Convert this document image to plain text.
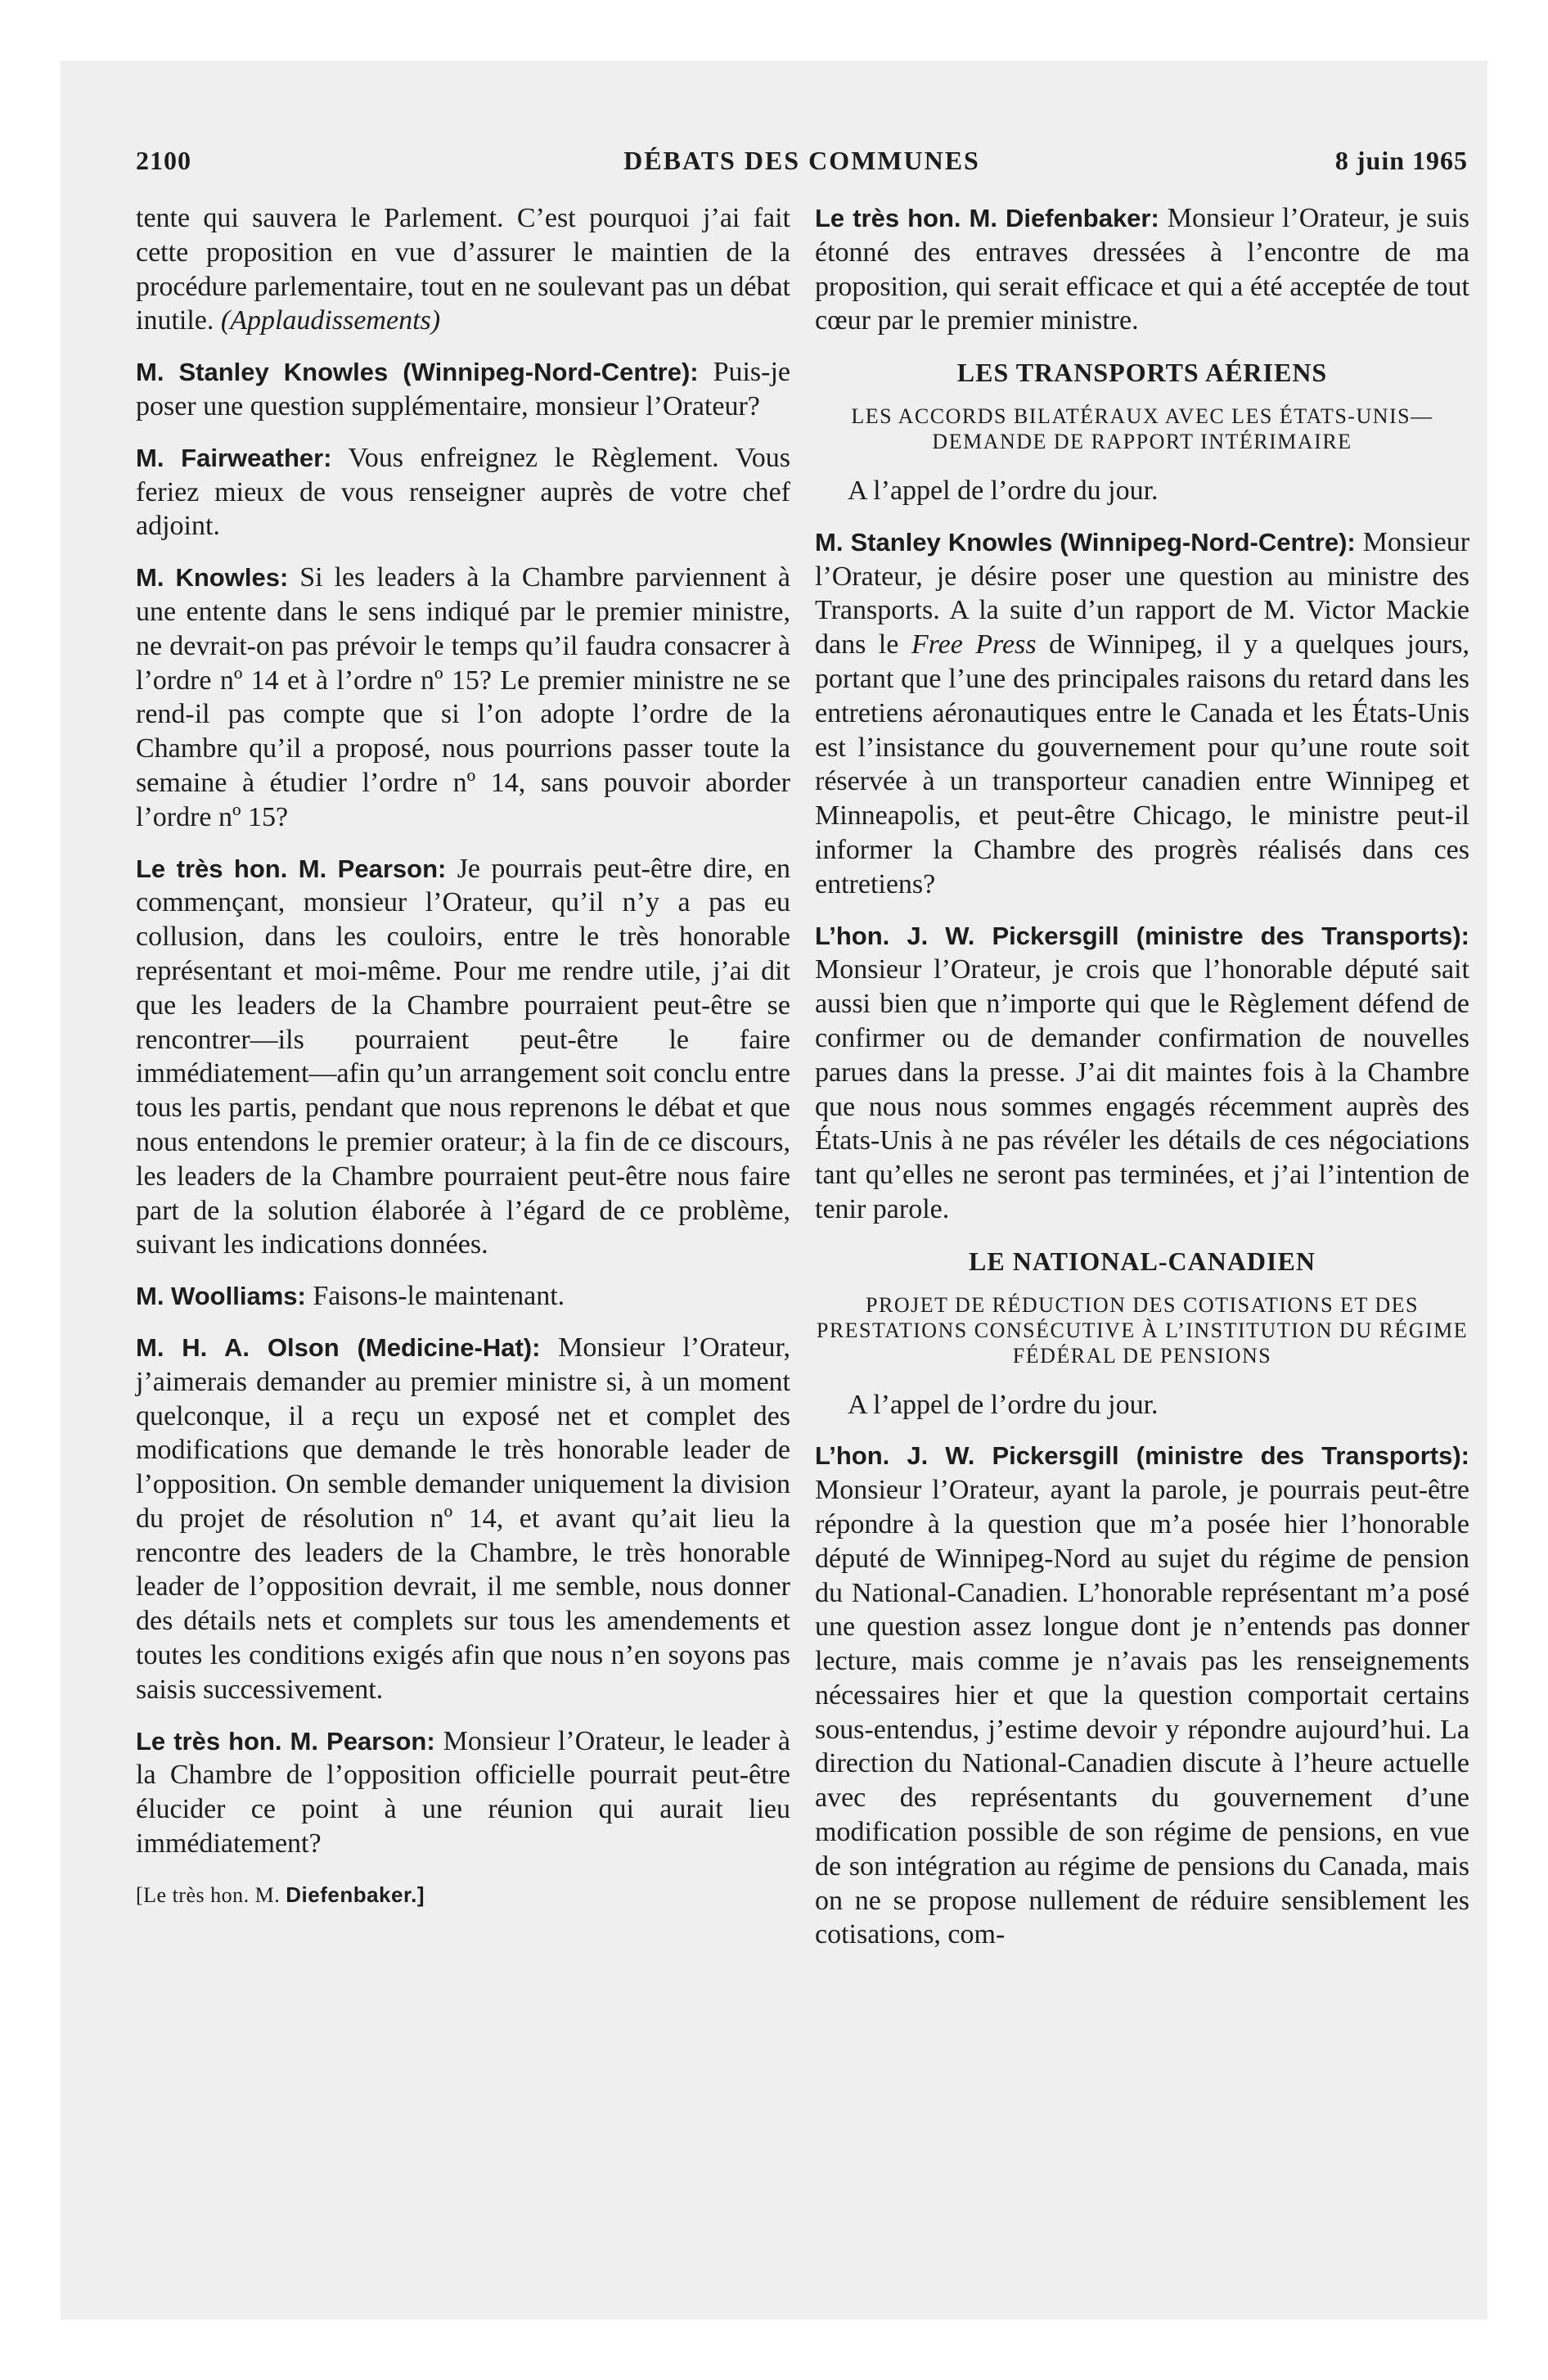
2100	DÉBATS DES COMMUNES	8 juin 1965

tente qui sauvera le Parlement. C’est pourquoi j’ai fait cette proposition en vue d’assurer le maintien de la procédure parlementaire, tout en ne soulevant pas un débat inutile. (Applaudissements)

M. Stanley Knowles (Winnipeg-Nord-Centre): Puis-je poser une question supplémentaire, monsieur l’Orateur?

M. Fairweather: Vous enfreignez le Règlement. Vous feriez mieux de vous renseigner auprès de votre chef adjoint.

M. Knowles: Si les leaders à la Chambre parviennent à une entente dans le sens indiqué par le premier ministre, ne devrait-on pas prévoir le temps qu’il faudra consacrer à l’ordre nº 14 et à l’ordre nº 15? Le premier ministre ne se rend-il pas compte que si l’on adopte l’ordre de la Chambre qu’il a proposé, nous pourrions passer toute la semaine à étudier l’ordre nº 14, sans pouvoir aborder l’ordre nº 15?

Le très hon. M. Pearson: Je pourrais peut-être dire, en commençant, monsieur l’Orateur, qu’il n’y a pas eu collusion, dans les couloirs, entre le très honorable représentant et moi-même. Pour me rendre utile, j’ai dit que les leaders de la Chambre pourraient peut-être se rencontrer—ils pourraient peut-être le faire immédiatement—afin qu’un arrangement soit conclu entre tous les partis, pendant que nous reprenons le débat et que nous entendons le premier orateur; à la fin de ce discours, les leaders de la Chambre pourraient peut-être nous faire part de la solution élaborée à l’égard de ce problème, suivant les indications données.

M. Woolliams: Faisons-le maintenant.

M. H. A. Olson (Medicine-Hat): Monsieur l’Orateur, j’aimerais demander au premier ministre si, à un moment quelconque, il a reçu un exposé net et complet des modifications que demande le très honorable leader de l’opposition. On semble demander uniquement la division du projet de résolution nº 14, et avant qu’ait lieu la rencontre des leaders de la Chambre, le très honorable leader de l’opposition devrait, il me semble, nous donner des détails nets et complets sur tous les amendements et toutes les conditions exigés afin que nous n’en soyons pas saisis successivement.

Le très hon. M. Pearson: Monsieur l’Orateur, le leader à la Chambre de l’opposition officielle pourrait peut-être élucider ce point à une réunion qui aurait lieu immédiatement?

[Le très hon. M. Diefenbaker.]

Le très hon. M. Diefenbaker: Monsieur l’Orateur, je suis étonné des entraves dressées à l’encontre de ma proposition, qui serait efficace et qui a été acceptée de tout cœur par le premier ministre.

LES TRANSPORTS AÉRIENS
LES ACCORDS BILATÉRAUX AVEC LES ÉTATS-UNIS—DEMANDE DE RAPPORT INTÉRIMAIRE

A l’appel de l’ordre du jour.

M. Stanley Knowles (Winnipeg-Nord-Centre): Monsieur l’Orateur, je désire poser une question au ministre des Transports. A la suite d’un rapport de M. Victor Mackie dans le Free Press de Winnipeg, il y a quelques jours, portant que l’une des principales raisons du retard dans les entretiens aéronautiques entre le Canada et les États-Unis est l’insistance du gouvernement pour qu’une route soit réservée à un transporteur canadien entre Winnipeg et Minneapolis, et peut-être Chicago, le ministre peut-il informer la Chambre des progrès réalisés dans ces entretiens?

L’hon. J. W. Pickersgill (ministre des Transports): Monsieur l’Orateur, je crois que l’honorable député sait aussi bien que n’importe qui que le Règlement défend de confirmer ou de demander confirmation de nouvelles parues dans la presse. J’ai dit maintes fois à la Chambre que nous nous sommes engagés récemment auprès des États-Unis à ne pas révéler les détails de ces négociations tant qu’elles ne seront pas terminées, et j’ai l’intention de tenir parole.

LE NATIONAL-CANADIEN
PROJET DE RÉDUCTION DES COTISATIONS ET DES PRESTATIONS CONSÉCUTIVE À L’INSTITUTION DU RÉGIME FÉDÉRAL DE PENSIONS

A l’appel de l’ordre du jour.

L’hon. J. W. Pickersgill (ministre des Transports): Monsieur l’Orateur, ayant la parole, je pourrais peut-être répondre à la question que m’a posée hier l’honorable député de Winnipeg-Nord au sujet du régime de pension du National-Canadien. L’honorable représentant m’a posé une question assez longue dont je n’entends pas donner lecture, mais comme je n’avais pas les renseignements nécessaires hier et que la question comportait certains sous-entendus, j’estime devoir y répondre aujourd’hui. La direction du National-Canadien discute à l’heure actuelle avec des représentants du gouvernement d’une modification possible de son régime de pensions, en vue de son intégration au régime de pensions du Canada, mais on ne se propose nullement de réduire sensiblement les cotisations, com-
